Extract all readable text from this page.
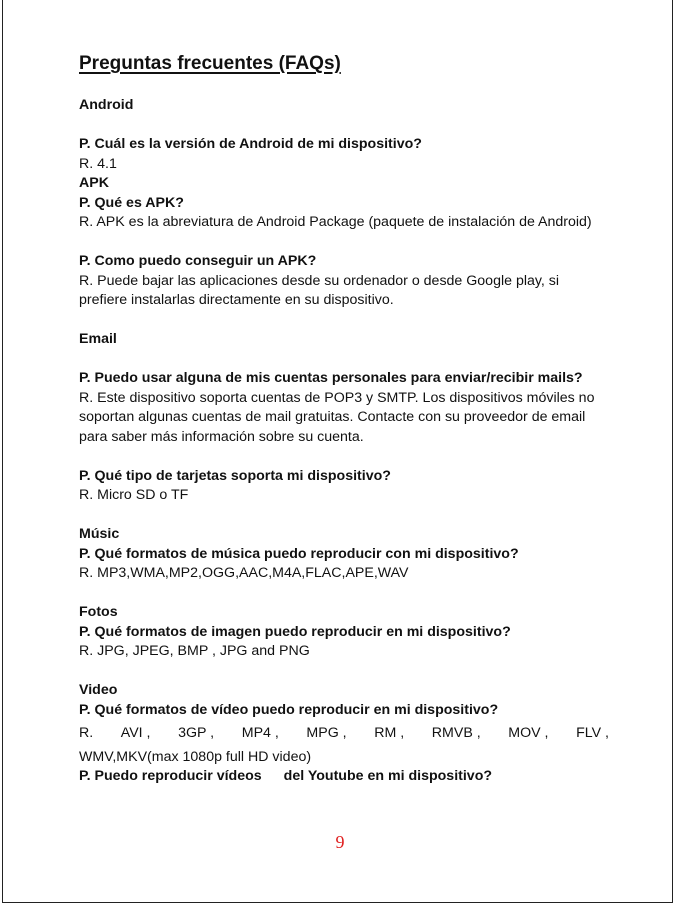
Preguntas frecuentes (FAQs)

Android

P. Cuál es la versión de Android de mi dispositivo?

R. 4.1

APK

P. Qué es APK?

R. APK es la abreviatura de Android Package (paquete de instalación de Android)

P. Como puedo conseguir un APK?

R. Puede bajar las aplicaciones desde su ordenador o desde Google play, si prefiere instalarlas directamente en su dispositivo.

Email

P. Puedo usar alguna de mis cuentas personales para enviar/recibir mails?

R. Este dispositivo soporta cuentas de POP3 y SMTP. Los dispositivos móviles no soportan algunas cuentas de mail gratuitas. Contacte con su proveedor de email para saber más información sobre su cuenta.

P. Qué tipo de tarjetas soporta mi dispositivo?

R. Micro SD o TF

Músic

P. Qué formatos de música puedo reproducir con mi dispositivo?

R. MP3,WMA,MP2,OGG,AAC,M4A,FLAC,APE,WAV

Fotos

P. Qué formatos de imagen puedo reproducir en mi dispositivo?

R. JPG, JPEG, BMP , JPG and PNG

Video

P. Qué formatos de vídeo puedo reproducir en mi dispositivo?

R. AVI , 3GP , MP4 , MPG , RM , RMVB , MOV , FLV ,

WMV,MKV(max 1080p full HD video)

P. Puedo reproducir vídeos del Youtube en mi dispositivo?

9
